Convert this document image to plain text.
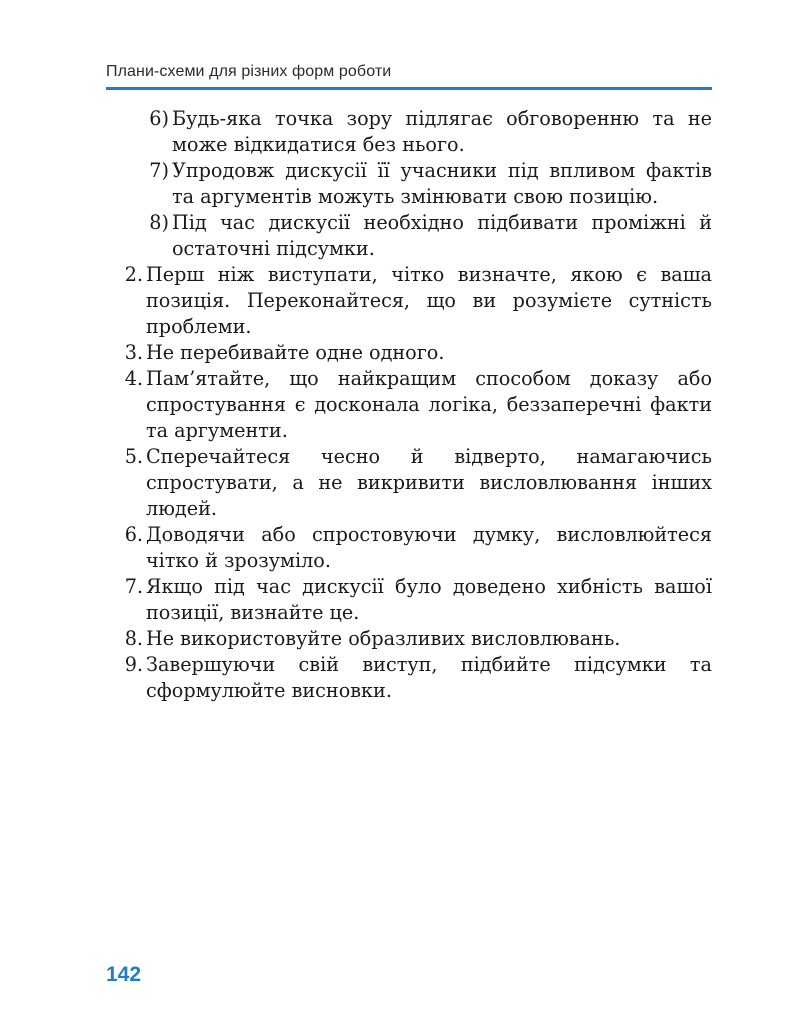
Плани-схеми для різних форм роботи
6) Будь-яка точка зору підлягає обговоренню та не може відкидатися без нього.
7) Упродовж дискусії її учасники під впливом фактів та аргументів можуть змінювати свою позицію.
8) Під час дискусії необхідно підбивати проміжні й остаточні підсумки.
2. Перш ніж виступати, чітко визначте, якою є ваша позиція. Переконайтеся, що ви розумієте сутність проблеми.
3. Не перебивайте одне одного.
4. Пам’ятайте, що найкращим способом доказу або спростування є досконала логіка, беззаперечні факти та аргументи.
5. Сперечайтеся чесно й відверто, намагаючись спростувати, а не викривити висловлювання інших людей.
6. Доводячи або спростовуючи думку, висловлюйтеся чітко й зрозуміло.
7. Якщо під час дискусії було доведено хибність вашої позиції, визнайте це.
8. Не використовуйте образливих висловлювань.
9. Завершуючи свій виступ, підбийте підсумки та сформулюйте висновки.
142
